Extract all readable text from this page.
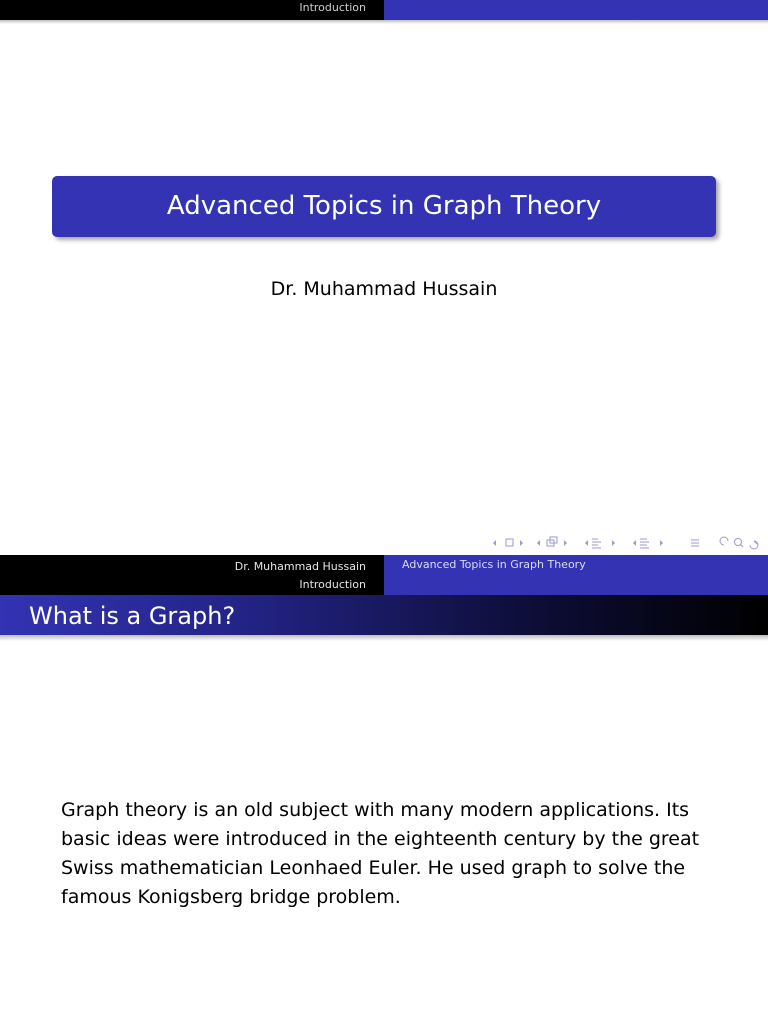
Introduction
Advanced Topics in Graph Theory
Dr. Muhammad Hussain
Dr. Muhammad Hussain
Introduction
Advanced Topics in Graph Theory
What is a Graph?
Graph theory is an old subject with many modern applications. Its
basic ideas were introduced in the eighteenth century by the great
Swiss mathematician Leonhaed Euler. He used graph to solve the
famous Konigsberg bridge problem.
